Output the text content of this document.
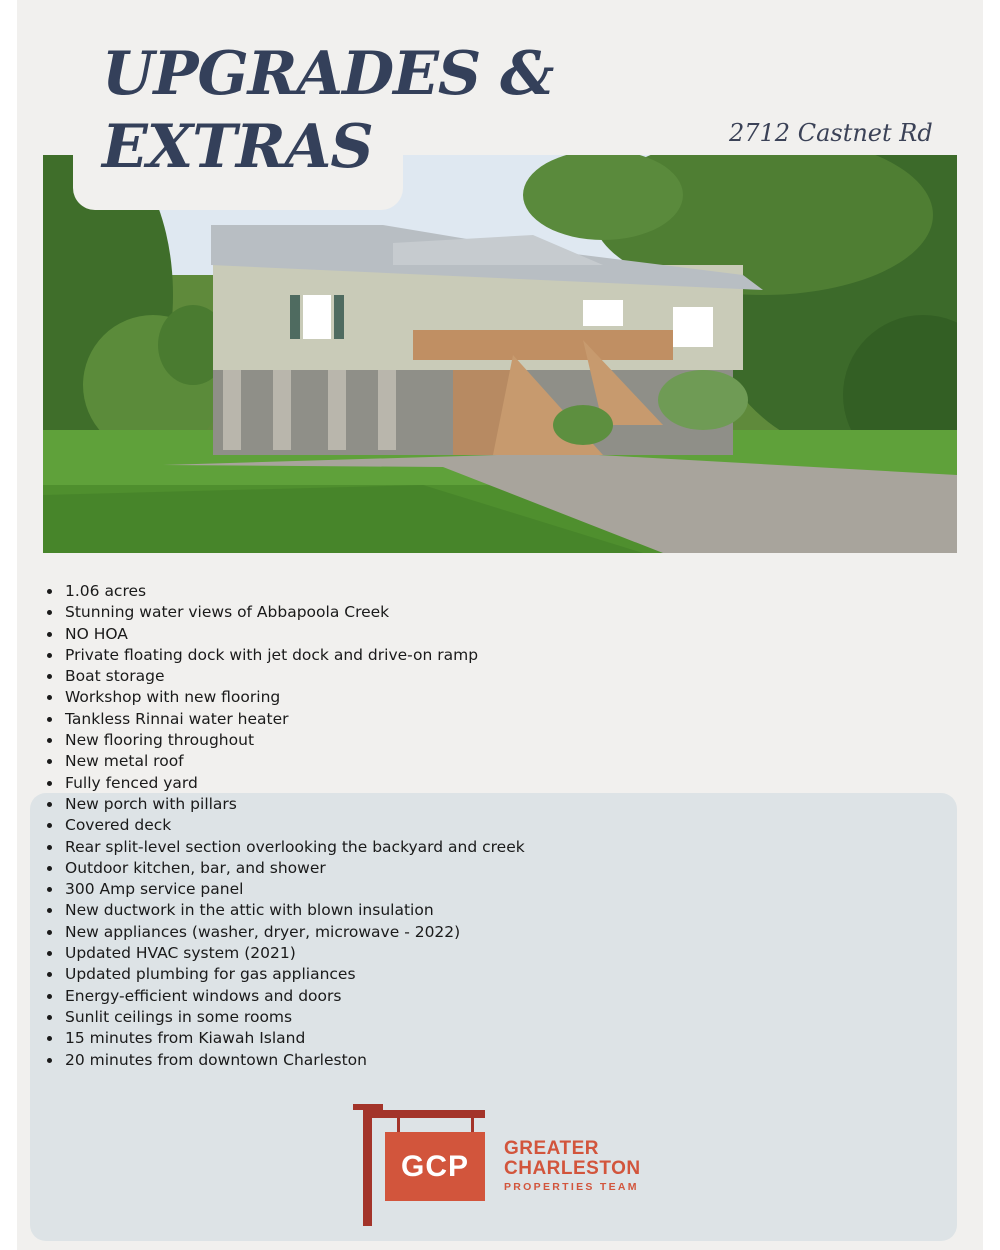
UPGRADES &
EXTRAS	2712 Castnet Rd
• 1.06 acres
• Stunning water views of Abbapoola Creek
• NO HOA
• Private floating dock with jet dock and drive-on ramp
• Boat storage
• Workshop with new flooring
• Tankless Rinnai water heater
• New flooring throughout
• New metal roof
• Fully fenced yard
• New porch with pillars
• Covered deck
• Rear split-level section overlooking the backyard and creek
• Outdoor kitchen, bar, and shower
• 300 Amp service panel
• New ductwork in the attic with blown insulation
• New appliances (washer, dryer, microwave - 2022)
• Updated HVAC system (2021)
• Updated plumbing for gas appliances
• Energy-efficient windows and doors
• Sunlit ceilings in some rooms
• 15 minutes from Kiawah Island
• 20 minutes from downtown Charleston
GCP
GREATER
CHARLESTON
PROPERTIES TEAM
